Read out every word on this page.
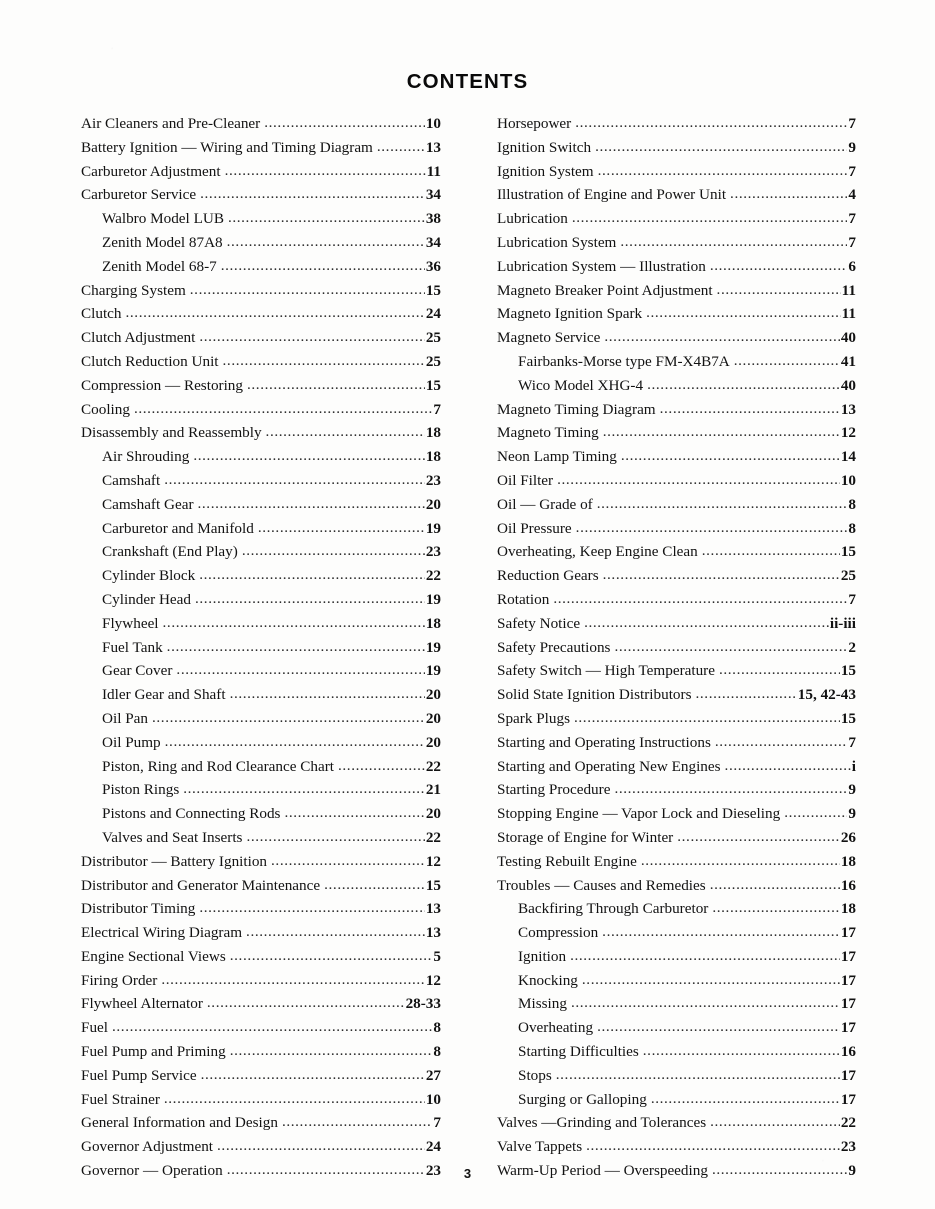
CONTENTS
Air Cleaners and Pre-Cleaner .....	10
Battery Ignition — Wiring and Timing Diagram .....	13
Carburetor Adjustment .....	11
Carburetor Service .....	34
Walbro Model LUB .....	38
Zenith Model 87A8 .....	34
Zenith Model 68-7 .....	36
Charging System .....	15
Clutch .....	24
Clutch Adjustment .....	25
Clutch Reduction Unit .....	25
Compression — Restoring .....	15
Cooling .....	7
Disassembly and Reassembly .....	18
Air Shrouding .....	18
Camshaft .....	23
Camshaft Gear .....	20
Carburetor and Manifold .....	19
Crankshaft (End Play) .....	23
Cylinder Block .....	22
Cylinder Head .....	19
Flywheel .....	18
Fuel Tank .....	19
Gear Cover .....	19
Idler Gear and Shaft .....	20
Oil Pan .....	20
Oil Pump .....	20
Piston, Ring and Rod Clearance Chart .....	22
Piston Rings .....	21
Pistons and Connecting Rods .....	20
Valves and Seat Inserts .....	22
Distributor — Battery Ignition .....	12
Distributor and Generator Maintenance .....	15
Distributor Timing .....	13
Electrical Wiring Diagram .....	13
Engine Sectional Views .....	5
Firing Order .....	12
Flywheel Alternator .....	28-33
Fuel .....	8
Fuel Pump and Priming .....	8
Fuel Pump Service .....	27
Fuel Strainer .....	10
General Information and Design .....	7
Governor Adjustment .....	24
Governor — Operation .....	23
Horsepower .....	7
Ignition Switch .....	9
Ignition System .....	7
Illustration of Engine and Power Unit .....	4
Lubrication .....	7
Lubrication System .....	7
Lubrication System — Illustration .....	6
Magneto Breaker Point Adjustment .....	11
Magneto Ignition Spark .....	11
Magneto Service .....	40
Fairbanks-Morse type FM-X4B7A .....	41
Wico Model XHG-4 .....	40
Magneto Timing Diagram .....	13
Magneto Timing .....	12
Neon Lamp Timing .....	14
Oil Filter .....	10
Oil — Grade of .....	8
Oil Pressure .....	8
Overheating, Keep Engine Clean .....	15
Reduction Gears .....	25
Rotation .....	7
Safety Notice .....	ii-iii
Safety Precautions .....	2
Safety Switch — High Temperature .....	15
Solid State Ignition Distributors .....	15, 42-43
Spark Plugs .....	15
Starting and Operating Instructions .....	7
Starting and Operating New Engines .....	i
Starting Procedure .....	9
Stopping Engine — Vapor Lock and Dieseling .....	9
Storage of Engine for Winter .....	26
Testing Rebuilt Engine .....	18
Troubles — Causes and Remedies .....	16
Backfiring Through Carburetor .....	18
Compression .....	17
Ignition .....	17
Knocking .....	17
Missing .....	17
Overheating .....	17
Starting Difficulties .....	16
Stops .....	17
Surging or Galloping .....	17
Valves —Grinding and Tolerances .....	22
Valve Tappets .....	23
Warm-Up Period — Overspeeding .....	9
3
